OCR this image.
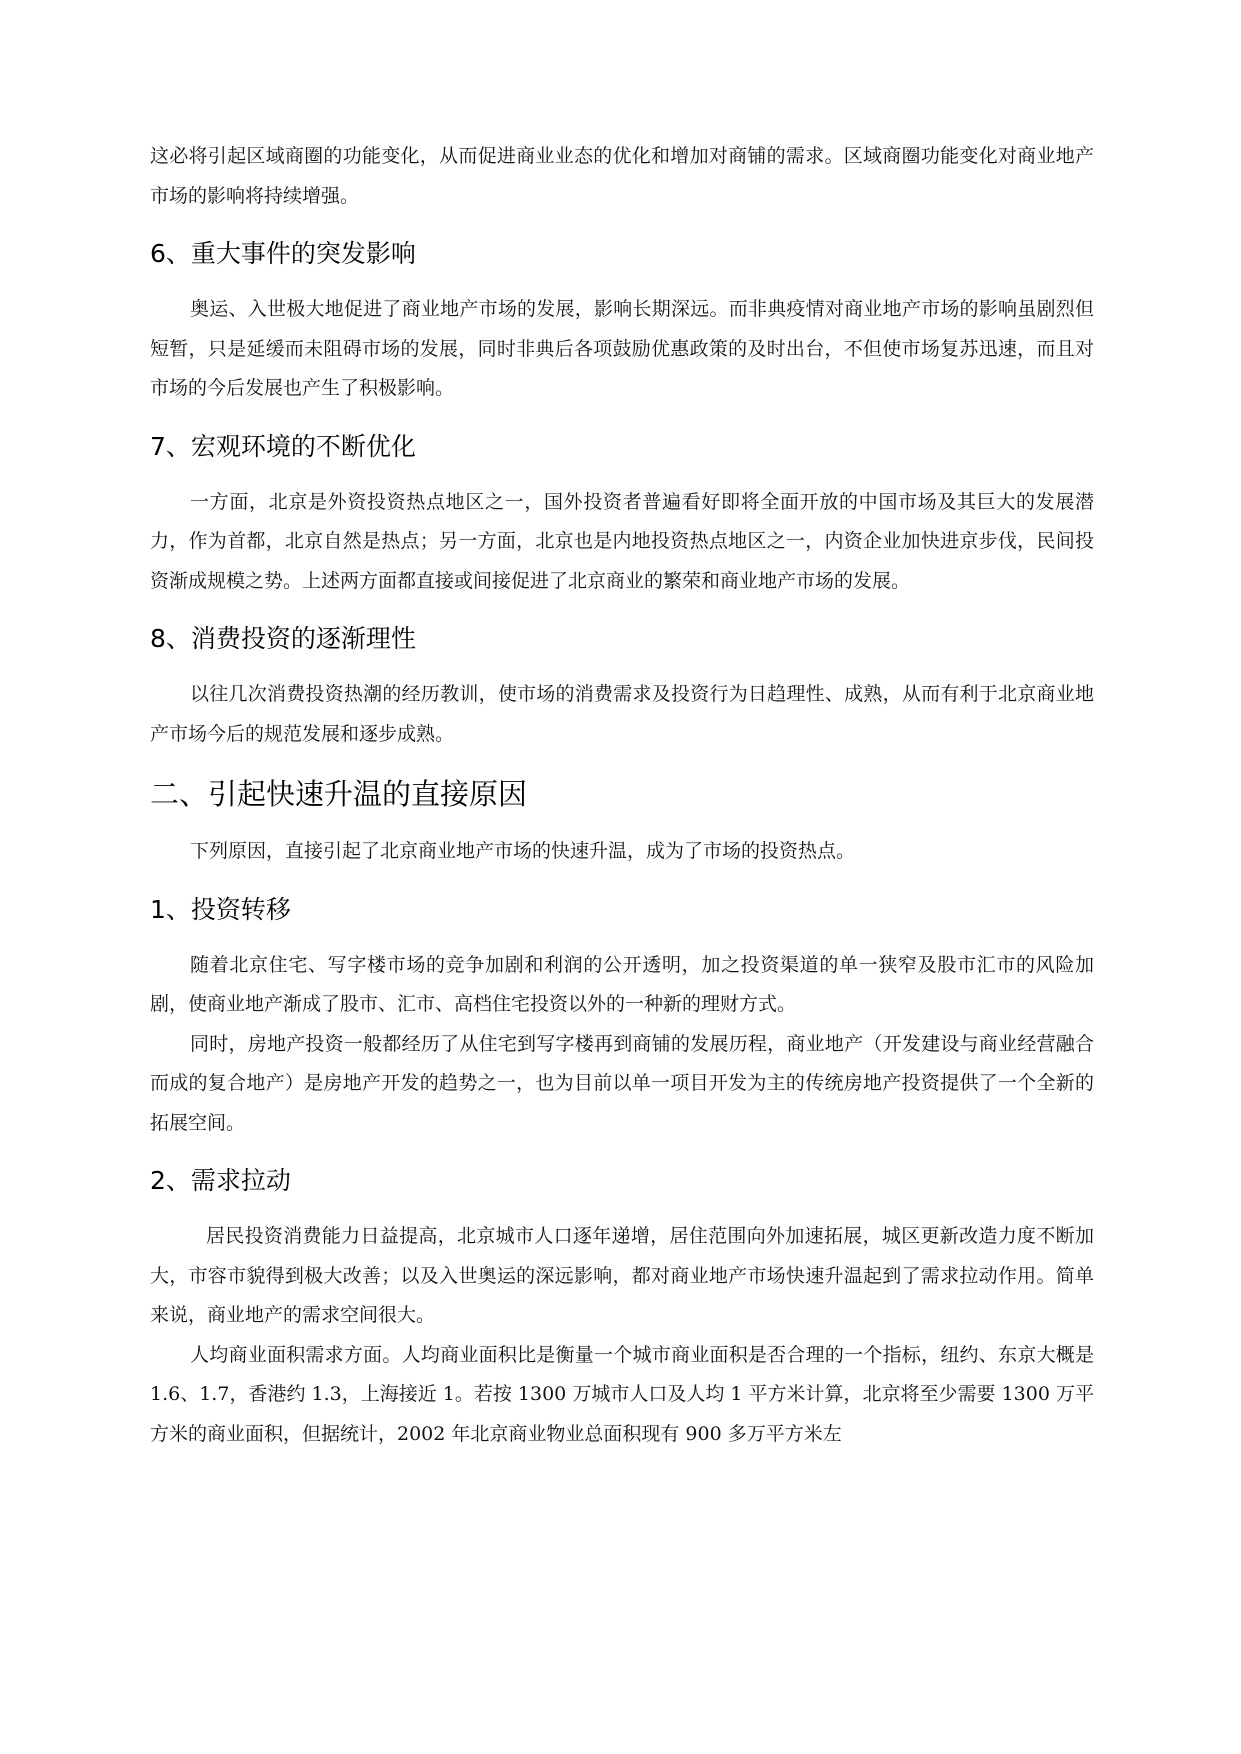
这必将引起区域商圈的功能变化，从而促进商业业态的优化和增加对商铺的需求。区域商圈功能变化对商业地产市场的影响将持续增强。

6、重大事件的突发影响

奥运、入世极大地促进了商业地产市场的发展，影响长期深远。而非典疫情对商业地产市场的影响虽剧烈但短暂，只是延缓而未阻碍市场的发展，同时非典后各项鼓励优惠政策的及时出台，不但使市场复苏迅速，而且对市场的今后发展也产生了积极影响。

7、宏观环境的不断优化

一方面，北京是外资投资热点地区之一，国外投资者普遍看好即将全面开放的中国市场及其巨大的发展潜力，作为首都，北京自然是热点；另一方面，北京也是内地投资热点地区之一，内资企业加快进京步伐，民间投资渐成规模之势。上述两方面都直接或间接促进了北京商业的繁荣和商业地产市场的发展。

8、消费投资的逐渐理性

以往几次消费投资热潮的经历教训，使市场的消费需求及投资行为日趋理性、成熟，从而有利于北京商业地产市场今后的规范发展和逐步成熟。

二、引起快速升温的直接原因

下列原因，直接引起了北京商业地产市场的快速升温，成为了市场的投资热点。

1、投资转移

随着北京住宅、写字楼市场的竞争加剧和利润的公开透明，加之投资渠道的单一狭窄及股市汇市的风险加剧，使商业地产渐成了股市、汇市、高档住宅投资以外的一种新的理财方式。

同时，房地产投资一般都经历了从住宅到写字楼再到商铺的发展历程，商业地产（开发建设与商业经营融合而成的复合地产）是房地产开发的趋势之一，也为目前以单一项目开发为主的传统房地产投资提供了一个全新的拓展空间。

2、需求拉动

居民投资消费能力日益提高，北京城市人口逐年递增，居住范围向外加速拓展，城区更新改造力度不断加大，市容市貌得到极大改善；以及入世奥运的深远影响，都对商业地产市场快速升温起到了需求拉动作用。简单来说，商业地产的需求空间很大。

人均商业面积需求方面。人均商业面积比是衡量一个城市商业面积是否合理的一个指标，纽约、东京大概是 1.6、1.7，香港约 1.3，上海接近 1。若按 1300 万城市人口及人均 1 平方米计算，北京将至少需要 1300 万平方米的商业面积，但据统计，2002 年北京商业物业总面积现有 900 多万平方米左
